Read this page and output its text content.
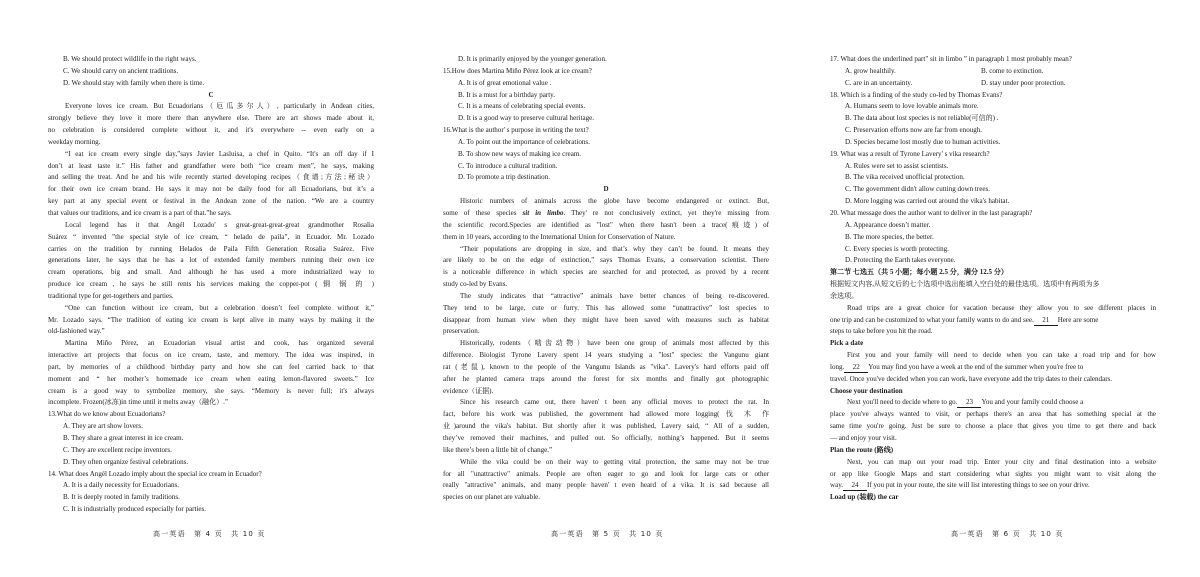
B. We should protect wildlife in the right ways.
C. We should carry on ancient traditions.
D. We should stay with family when there is time.
C
Everyone loves ice cream. But Ecuadorians（厄瓜多尔人）, particularly in Andean cities,
strongly believe they love it more there than anywhere else. There are art shows made about it,
no celebration is considered complete without it, and it's everywhere -- even early on a
weekday morning.
“I eat ice cream every single day,”says Javier Lasluisa, a chef in Quito. “It's an off day if I
don’t at least taste it.” His father and grandfather were both “ice cream men”, he says, making
and selling the treat. And he and his wife recently started developing recipes（食谱;方法;秘诀）
for their own ice cream brand. He says it may not be daily food for all Ecuadorians, but it’s a
key part at any special event or festival in the Andean zone of the nation. “We are a country
that values our traditions, and ice cream is a part of that.”he says.
Local legend has it that Angél Lozado' s great-great-great-great grandmother Rosalia
Suárez “ invented ”the special style of ice cream, “ helado de paila”, in Ecuador. Mr. Lozado
carries on the tradition by running Helados de Paila Fifth Generation Rosalia Suárez. Five
generations later, he says that he has a lot of extended family members running their own ice
cream operations, big and small. And although he has used a more industrialized way to
produce ice cream , he says he still rents his services making the copper-pot ( 铜 锅 的 )
traditional type for get-togethers and parties.
“One can function without ice cream, but a celebration doesn’t feel complete without it,”
Mr. Lozado says. “The tradition of eating ice cream is kept alive in many ways by making it the
old-fashioned way.”
Martina Miño Pérez, an Ecuadorian visual artist and cook, has organized several
interactive art projects that focus on ice cream, taste, and memory. The idea was inspired, in
part, by memories of a childhood birthday party and how she can feel carried back to that
moment and “ her mother’s homemade ice cream when eating lemon-flavored sweets.” Ice
cream is a good way to symbolize memory, she says. “Memory is never full; it's always
incomplete. Frozen(冰冻)in time until it melts away（融化）.”
13.What do we know about Ecuadorians?
A. They are art show lovers.
B. They share a great interest in ice cream.
C. They are excellent recipe inventors.
D. They often organize festival celebrations.
14. What does Angél Lozado imply about the special ice cream in Ecuador?
A. It is a daily necessity for Ecuadorians.
B. It is deeply rooted in family traditions.
C. It is industrially produced especially for parties.
D. It is primarily enjoyed by the younger generation.
15.How does Martina Miño Pérez look at ice cream?
A. It is of great emotional value .
B. It is a must for a birthday party.
C. It is a means of celebrating special events.
D. It is a good way to preserve cultural heritage.
16.What is the author' s purpose in writing the text?
A. To point out the importance of celebrations.
B. To show new ways of making ice cream.
C. To introduce a cultural tradition.
D. To promote a trip destination.
D
Historic numbers of animals across the globe have become endangered or extinct. But,
some of these species sit in limbo. They' re not conclusively extinct, yet they're missing from
the scientific record.Species are identified as "lost" when there hasn't been a trace(痕迹) of
them in 10 years, according to the International Union for Conservation of Nature.
“Their populations are dropping in size, and that’s why they can’t be found. It means they
are likely to be on the edge of extinction,” says Thomas Evans, a conservation scientist. There
is a noticeable difference in which species are searched for and protected, as proved by a recent
study co-led by Evans.
The study indicates that “attractive” animals have better chances of being re-discovered.
They tend to be large, cute or furry. This has allowed some “unattractive” lost species to
disappear from human view when they might have been saved with measures such as habitat
preservation.
Historically, rodents（啮齿动物）have been one group of animals most affected by this
difference. Biologist Tyrone Lavery spent 14 years studying a "lost" species: the Vangunu giant
rat (老鼠), known to the people of the Vangunu Islands as "vika". Lavery's hard efforts paid off
after he planted camera traps around the forest for six months and finally got photographic
evidence（证据).
Since his research came out, there haven' t been any official moves to protect the rat. In
fact, before his work was published, the government had allowed more logging( 伐 木 作
业)around the vika's habitat. But shortly after it was published, Lavery said, “ All of a sudden,
they’ve removed their machines, and pulled out. So officially, nothing’s happened. But it seems
like there’s been a little bit of change.”
While the vika could be on their way to getting vital protection, the same may not be true
for all "unattractive" animals. People are often eager to go and look for large cats or other
really "attractive" animals, and many people haven' t even heard of a vika. It is sad because all
species on our planet are valuable.
17. What does the underlined part" sit in limbo ” in paragraph 1 most probably mean?
A. grow healthily.	B. come to extinction.
C. are in an uncertainty.	D. stay under poor protection.
18. Which is a finding of the study co-led by Thomas Evans?
A. Humans seem to love lovable animals more.
B. The data about lost species is not reliable(可信的) .
C. Preservation efforts now are far from enough.
D. Species became lost mostly due to human activities.
19. What was a result of Tyrone Lavery' s vika research?
A. Rules were set to assist scientists.
B. The vika received unofficial protection.
C. The government didn't allow cutting down trees.
D. More logging was carried out around the vika's habitat.
20. What message does the author want to deliver in the last paragraph?
A. Appearance doesn’t matter.
B. The more species, the better.
C. Every species is worth protecting.
D. Protecting the Earth takes everyone.
第二节 七选五（共 5 小题；每小题 2.5 分，满分 12.5 分）
根据短文内容,从短文后的七个选项中选出能填入空白处的最佳选项。选项中有两项为多
余选项。
Road trips are a great choice for vacation because they allow you to see different places in
one trip and can be customized to what your family wants to do and see. 21 Here are some
steps to take before you hit the road.
Pick a date
First you and your family will need to decide when you can take a road trip and for how
long. 22 You may find you have a week at the end of the summer when you're free to
travel. Once you've decided when you can work, have everyone add the trip dates to their calendars.
Choose your destination
Next you'll need to decide where to go. 23 You and your family could choose a
place you've always wanted to visit, or perhaps there's an area that has something special at the
same time you're going. Just be sure to choose a place that gives you time to get there and back
— and enjoy your visit.
Plan the route (路线)
Next, you can map out your road trip. Enter your city and final destination into a website
or app like Google Maps and start considering what sights you might want to visit along the
way. 24 If you put in your route, the site will list interesting things to see on your drive.
Load up (装载) the car
高一英语　第 4 页　共 10 页	高一英语　第 5 页　共 10 页	高一英语　第 6 页　共 10 页
